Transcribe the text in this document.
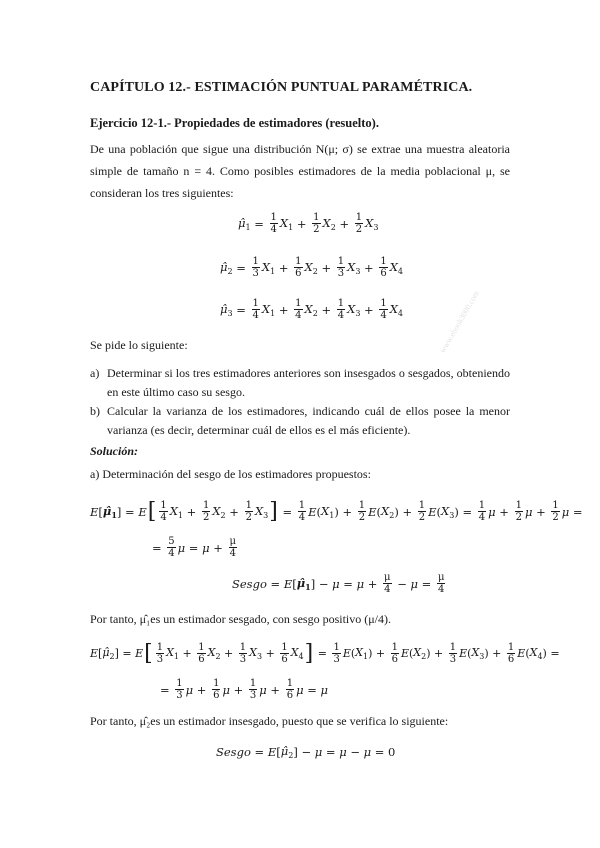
CAPÍTULO 12.- ESTIMACIÓN PUNTUAL PARAMÉTRICA.
Ejercicio 12-1.- Propiedades de estimadores (resuelto).
De una población que sigue una distribución N(μ; σ) se extrae una muestra aleatoria
simple de tamaño n = 4. Como posibles estimadores de la media poblacional μ, se
consideran los tres siguientes:
$\mû_1 = \frac{1}{4} X_1 + \frac{1}{2} X_2 + \frac{1}{2} X_3$
$\mû_2 = \frac{1}{3} X_1 + \frac{1}{6} X_2 + \frac{1}{3} X_3 + \frac{1}{6} X_4$
$\mû_3 = \frac{1}{4} X_1 + \frac{1}{4} X_2 + \frac{1}{4} X_3 + \frac{1}{4} X_4$
Se pide lo siguiente:
a) Determinar si los tres estimadores anteriores son insesgados o sesgados, obteniendo en este último caso su sesgo.
b) Calcular la varianza de los estimadores, indicando cuál de ellos posee la menor varianza (es decir, determinar cuál de ellos es el más eficiente).
Solución:
a) Determinación del sesgo de los estimadores propuestos:
E [ $\mû_1$ ] = E [ $\frac{1}{4} X_1 + \frac{1}{2} X_2 + \frac{1}{2} X_3$ ] = $\frac{1}{4}$ E ( $X_1$ ) + $\frac{1}{2}$ E ( $X_2$ ) + $\frac{1}{2}$ E ( $X_3$ ) = $\frac{1}{4}$ $\mu + \frac{1}{2}$ $\mu + \frac{1}{2}$ μ =
= $\frac{5}{4}$ $\mu = \mu + \frac{\mu}{4}$
Sesgo = E [ $\mû_1$ ] − $\mu = \mu + \frac{\mu}{4} - \mu = \frac{\mu}{4}$
Por tanto, μ̂₁es un estimador sesgado, con sesgo positivo (μ/4).
E [ $\mû_2$ ] = E [ $\frac{1}{3} X_1 + \frac{1}{6} X_2 + \frac{1}{3} X_3 + \frac{1}{6} X_4$ ] = $\frac{1}{3}$ E ( $X_1$ ) + $\frac{1}{6}$ E ( $X_2$ ) + $\frac{1}{3}$ E ( $X_3$ ) + $\frac{1}{6}$ E ( $X_4$ ) =
= $\frac{1}{3}$ $\mu + \frac{1}{6}$ $\mu + \frac{1}{3}$ $\mu + \frac{1}{6}$ μ = μ
Por tanto, μ̂₂es un estimador insesgado, puesto que se verifica lo siguiente:
Sesgo = E [ $\mû_2$ ] − μ = μ − μ = 0
www.ebook3000.com
